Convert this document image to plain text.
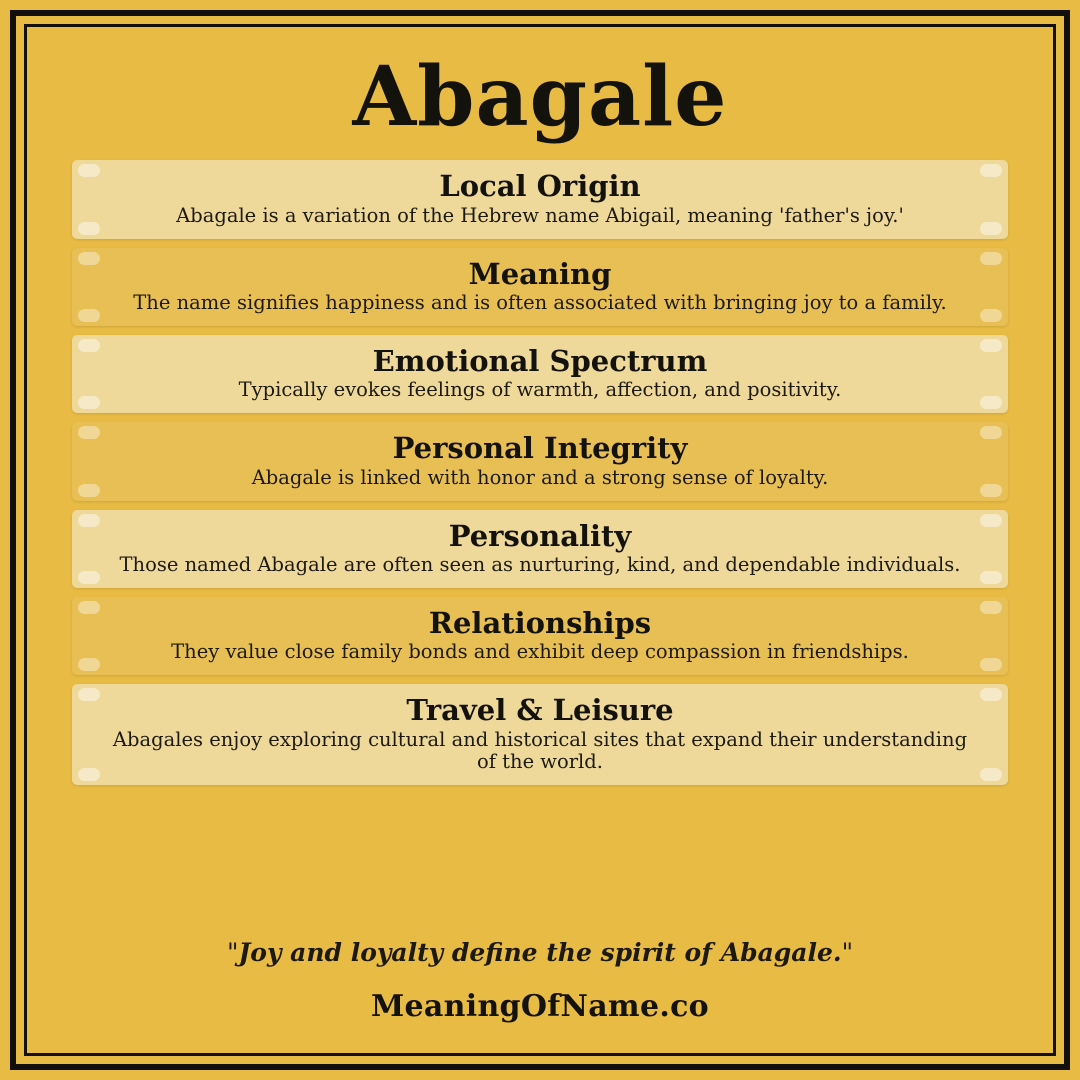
Abagale
Local Origin
Abagale is a variation of the Hebrew name Abigail, meaning 'father's joy.'
Meaning
The name signifies happiness and is often associated with bringing joy to a family.
Emotional Spectrum
Typically evokes feelings of warmth, affection, and positivity.
Personal Integrity
Abagale is linked with honor and a strong sense of loyalty.
Personality
Those named Abagale are often seen as nurturing, kind, and dependable individuals.
Relationships
They value close family bonds and exhibit deep compassion in friendships.
Travel & Leisure
Abagales enjoy exploring cultural and historical sites that expand their understanding of the world.
"Joy and loyalty define the spirit of Abagale."
MeaningOfName.co
